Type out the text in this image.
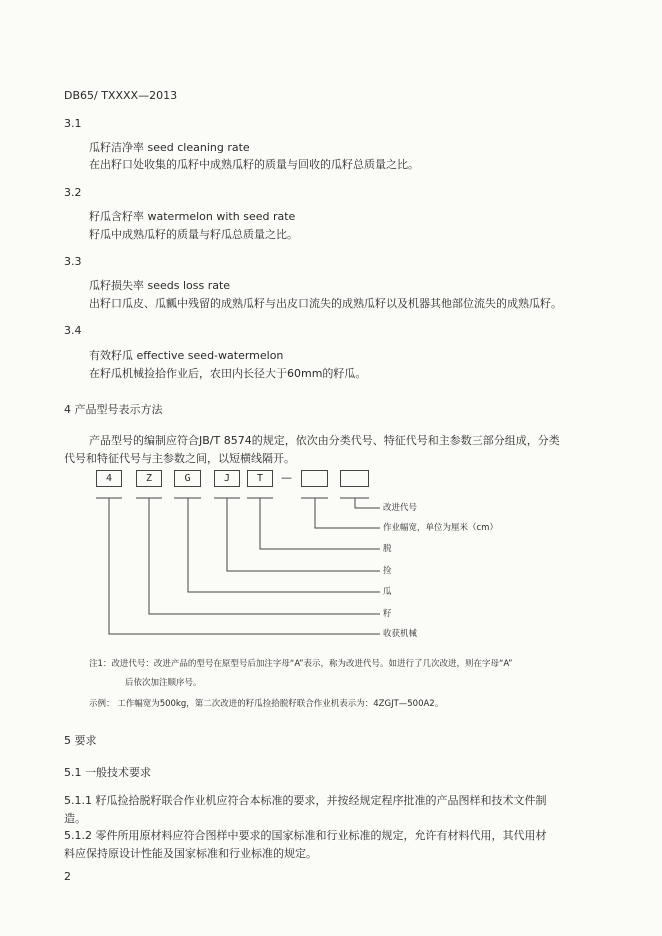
DB65/ TXXXX—2013
3.1
瓜籽洁净率 seed cleaning rate
在出籽口处收集的瓜籽中成熟瓜籽的质量与回收的瓜籽总质量之比。
3.2
籽瓜含籽率 watermelon with seed rate
籽瓜中成熟瓜籽的质量与籽瓜总质量之比。
3.3
瓜籽损失率 seeds loss rate
出籽口瓜皮、瓜瓤中残留的成熟瓜籽与出皮口流失的成熟瓜籽以及机器其他部位流失的成熟瓜籽。
3.4
有效籽瓜 effective seed-watermelon
在籽瓜机械捡拾作业后，农田内长径大于60mm的籽瓜。
4 产品型号表示方法
产品型号的编制应符合JB/T 8574的规定，依次由分类代号、特征代号和主参数三部分组成，分类
代号和特征代号与主参数之间，以短横线隔开。
4	Z	G	J	T	—
改进代号
作业幅宽，单位为厘米（cm）
脱
捡
瓜
籽
收获机械
注1：改进代号：改进产品的型号在原型号后加注字母“A”表示，称为改进代号。如进行了几次改进，则在字母“A”
后依次加注顺序号。
示例： 工作幅宽为500kg，第二次改进的籽瓜捡拾脱籽联合作业机表示为：4ZGJT—500A2。
5 要求
5.1 一般技术要求
5.1.1 籽瓜捡拾脱籽联合作业机应符合本标准的要求，并按经规定程序批准的产品图样和技术文件制
造。
5.1.2 零件所用原材料应符合图样中要求的国家标准和行业标准的规定，允许有材料代用，其代用材
料应保持原设计性能及国家标准和行业标准的规定。
2
